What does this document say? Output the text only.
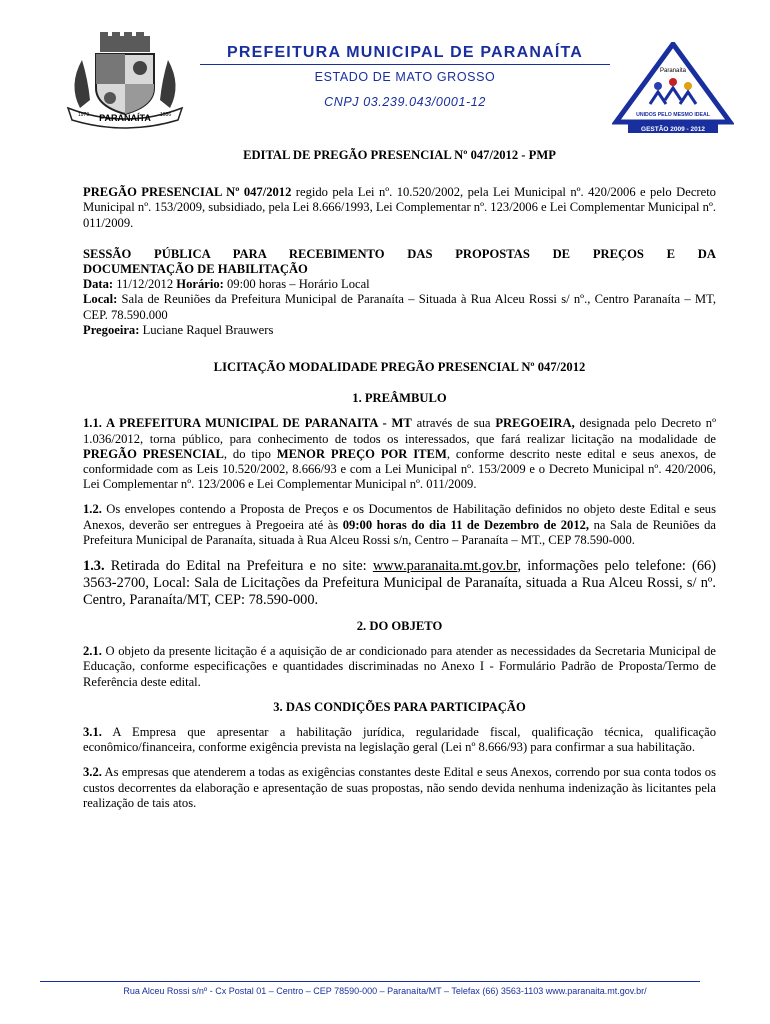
PARANAÍTA
1979	1986
PREFEITURA MUNICIPAL DE PARANAÍTA
ESTADO DE MATO GROSSO
CNPJ 03.239.043/0001-12
Paranaíta
UNIDOS PELO MESMO IDEAL
GESTÃO 2009 - 2012

EDITAL DE PREGÃO PRESENCIAL Nº 047/2012 - PMP

PREGÃO PRESENCIAL Nº 047/2012 regido pela Lei nº. 10.520/2002, pela Lei Municipal nº. 420/2006 e pelo Decreto Municipal nº. 153/2009, subsidiado, pela Lei 8.666/1993, Lei Complementar nº. 123/2006 e Lei Complementar Municipal nº. 011/2009.

SESSÃO PÚBLICA PARA RECEBIMENTO DAS PROPOSTAS DE PREÇOS E DA

DOCUMENTAÇÃO DE HABILITAÇÃO

Data: 11/12/2012 Horário: 09:00 horas – Horário Local

Local: Sala de Reuniões da Prefeitura Municipal de Paranaíta – Situada à Rua Alceu Rossi s/ nº., Centro Paranaíta – MT, CEP. 78.590.000

Pregoeira: Luciane Raquel Brauwers

LICITAÇÃO MODALIDADE PREGÃO PRESENCIAL Nº 047/2012

1. PREÂMBULO

1.1. A PREFEITURA MUNICIPAL DE PARANAITA - MT através de sua PREGOEIRA, designada pelo Decreto nº 1.036/2012, torna público, para conhecimento de todos os interessados, que fará realizar licitação na modalidade de PREGÃO PRESENCIAL, do tipo MENOR PREÇO POR ITEM, conforme descrito neste edital e seus anexos, de conformidade com as Leis 10.520/2002, 8.666/93 e com a Lei Municipal nº. 153/2009 e o Decreto Municipal nº. 420/2006, Lei Complementar nº. 123/2006 e Lei Complementar Municipal nº. 011/2009.

1.2. Os envelopes contendo a Proposta de Preços e os Documentos de Habilitação definidos no objeto deste Edital e seus Anexos, deverão ser entregues à Pregoeira até às 09:00 horas do dia 11 de Dezembro de 2012, na Sala de Reuniões da Prefeitura Municipal de Paranaíta, situada à Rua Alceu Rossi s/n, Centro – Paranaíta – MT., CEP 78.590-000.

1.3. Retirada do Edital na Prefeitura e no site: www.paranaita.mt.gov.br, informações pelo telefone: (66) 3563-2700, Local: Sala de Licitações da Prefeitura Municipal de Paranaíta, situada a Rua Alceu Rossi, s/ nº. Centro, Paranaíta/MT, CEP: 78.590-000.

2. DO OBJETO

2.1. O objeto da presente licitação é a aquisição de ar condicionado para atender as necessidades da Secretaria Municipal de Educação, conforme especificações e quantidades discriminadas no Anexo I - Formulário Padrão de Proposta/Termo de Referência deste edital.

3. DAS CONDIÇÕES PARA PARTICIPAÇÃO

3.1. A Empresa que apresentar a habilitação jurídica, regularidade fiscal, qualificação técnica, qualificação econômico/financeira, conforme exigência prevista na legislação geral (Lei nº 8.666/93) para confirmar a sua habilitação.

3.2. As empresas que atenderem a todas as exigências constantes deste Edital e seus Anexos, correndo por sua conta todos os custos decorrentes da elaboração e apresentação de suas propostas, não sendo devida nenhuma indenização às licitantes pela realização de tais atos.

Rua Alceu Rossi s/nº - Cx Postal 01 – Centro – CEP 78590-000 – Paranaíta/MT – Telefax (66) 3563-1103 www.paranaita.mt.gov.br/
